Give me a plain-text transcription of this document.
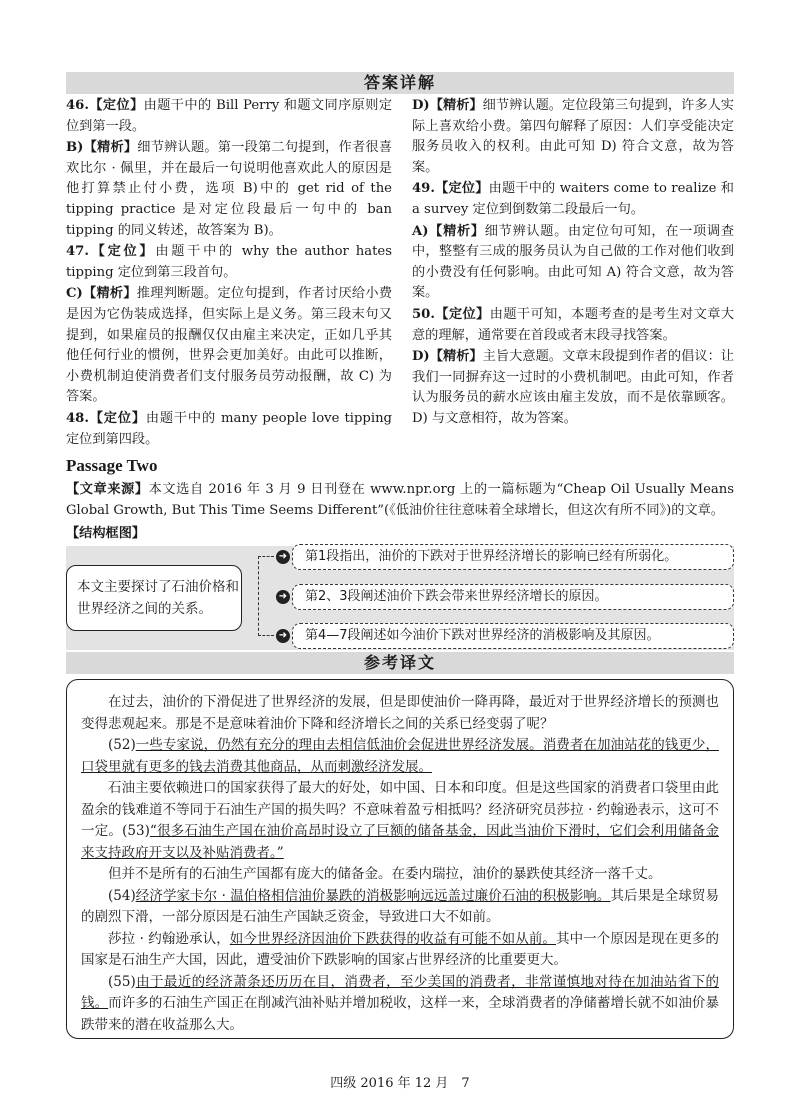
答案详解

46.【定位】由题干中的 Bill Perry 和题文同序原则定位到第一段。

B)【精析】细节辨认题。第一段第二句提到，作者很喜欢比尔 · 佩里，并在最后一句说明他喜欢此人的原因是他打算禁止付小费，选项 B)中的 get rid of the tipping practice 是对定位段最后一句中的 ban tipping 的同义转述，故答案为 B)。

47.【定位】由题干中的 why the author hates tipping 定位到第三段首句。

C)【精析】推理判断题。定位句提到，作者讨厌给小费是因为它伪装成选择，但实际上是义务。第三段末句又提到，如果雇员的报酬仅仅由雇主来决定，正如几乎其他任何行业的惯例，世界会更加美好。由此可以推断，小费机制迫使消费者们支付服务员劳动报酬，故 C) 为答案。

48.【定位】由题干中的 many people love tipping 定位到第四段。

D)【精析】细节辨认题。定位段第三句提到，许多人实际上喜欢给小费。第四句解释了原因：人们享受能决定服务员收入的权利。由此可知 D) 符合文意，故为答案。

49.【定位】由题干中的 waiters come to realize 和 a survey 定位到倒数第二段最后一句。

A)【精析】细节辨认题。由定位句可知，在一项调查中，整整有三成的服务员认为自己做的工作对他们收到的小费没有任何影响。由此可知 A) 符合文意，故为答案。

50.【定位】由题干可知，本题考查的是考生对文章大意的理解，通常要在首段或者末段寻找答案。

D)【精析】主旨大意题。文章末段提到作者的倡议：让我们一同摒弃这一过时的小费机制吧。由此可知，作者认为服务员的薪水应该由雇主发放，而不是依靠顾客。D) 与文意相符，故为答案。

Passage Two
【文章来源】本文选自 2016 年 3 月 9 日刊登在 www.npr.org 上的一篇标题为“Cheap Oil Usually Means Global Growth, But This Time Seems Different”(《低油价往往意味着全球增长，但这次有所不同》)的文章。
【结构框图】
本文主要探讨了石油价格和世界经济之间的关系。
➜	第1段指出，油价的下跌对于世界经济增长的影响已经有所弱化。
➜	第2、3段阐述油价下跌会带来世界经济增长的原因。
➜	第4—7段阐述如今油价下跌对世界经济的消极影响及其原因。
参考译文

在过去，油价的下滑促进了世界经济的发展，但是即使油价一降再降，最近对于世界经济增长的预测也变得悲观起来。那是不是意味着油价下降和经济增长之间的关系已经变弱了呢？

(52)一些专家说，仍然有充分的理由去相信低油价会促进世界经济发展。消费者在加油站花的钱更少，口袋里就有更多的钱去消费其他商品，从而刺激经济发展。

石油主要依赖进口的国家获得了最大的好处，如中国、日本和印度。但是这些国家的消费者口袋里由此盈余的钱难道不等同于石油生产国的损失吗？不意味着盈亏相抵吗？经济研究员莎拉 · 约翰逊表示，这可不一定。(53)“很多石油生产国在油价高昂时设立了巨额的储备基金，因此当油价下滑时，它们会利用储备金来支持政府开支以及补贴消费者。”

但并不是所有的石油生产国都有庞大的储备金。在委内瑞拉，油价的暴跌使其经济一落千丈。

(54)经济学家卡尔 · 温伯格相信油价暴跌的消极影响远远盖过廉价石油的积极影响。其后果是全球贸易的剧烈下滑，一部分原因是石油生产国缺乏资金，导致进口大不如前。

莎拉 · 约翰逊承认，如今世界经济因油价下跌获得的收益有可能不如从前。其中一个原因是现在更多的国家是石油生产大国，因此，遭受油价下跌影响的国家占世界经济的比重要更大。

(55)由于最近的经济萧条还历历在目，消费者，至少美国的消费者，非常谨慎地对待在加油站省下的钱。而许多的石油生产国正在削减汽油补贴并增加税收，这样一来，全球消费者的净储蓄增长就不如油价暴跌带来的潜在收益那么大。

四级 2016 年 12 月　7
